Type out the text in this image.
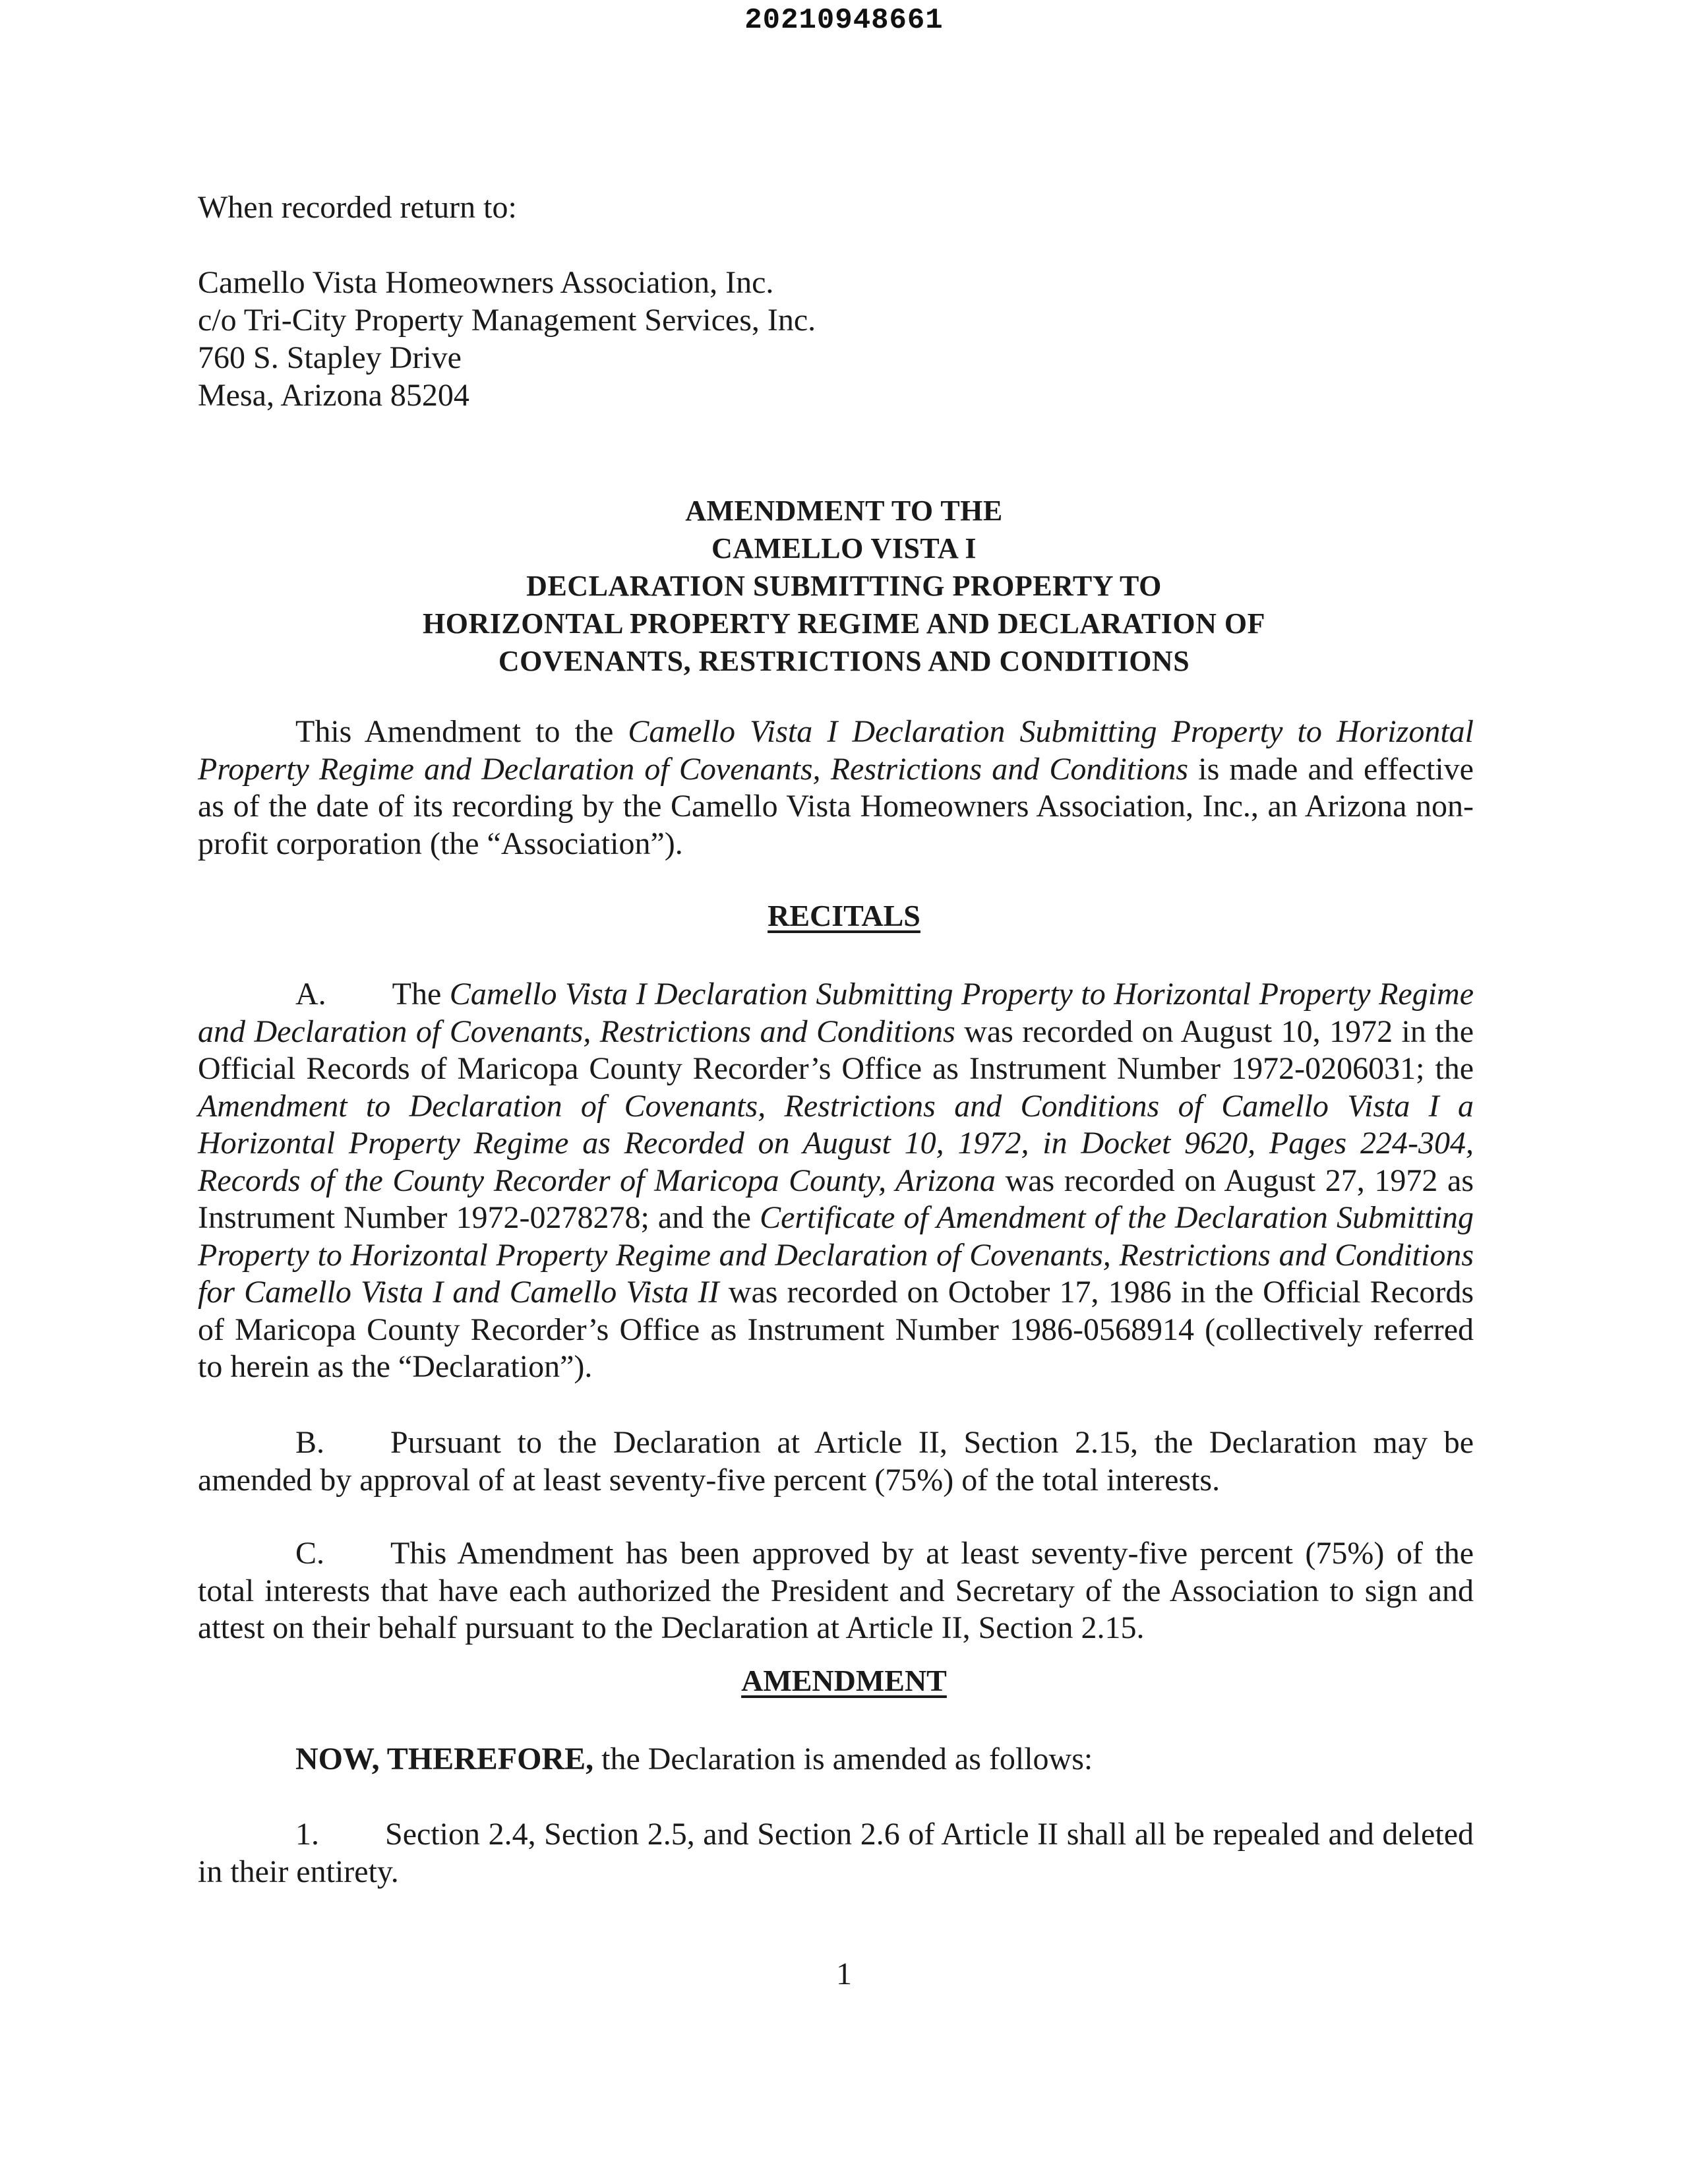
20210948661
When recorded return to:
Camello Vista Homeowners Association, Inc.
c/o Tri-City Property Management Services, Inc.
760 S. Stapley Drive
Mesa, Arizona 85204
AMENDMENT TO THE
CAMELLO VISTA I
DECLARATION SUBMITTING PROPERTY TO
HORIZONTAL PROPERTY REGIME AND DECLARATION OF
COVENANTS, RESTRICTIONS AND CONDITIONS
This Amendment to the Camello Vista I Declaration Submitting Property to Horizontal Property Regime and Declaration of Covenants, Restrictions and Conditions is made and effective as of the date of its recording by the Camello Vista Homeowners Association, Inc., an Arizona non-profit corporation (the “Association”).
RECITALS
A. The Camello Vista I Declaration Submitting Property to Horizontal Property Regime and Declaration of Covenants, Restrictions and Conditions was recorded on August 10, 1972 in the Official Records of Maricopa County Recorder’s Office as Instrument Number 1972-0206031; the Amendment to Declaration of Covenants, Restrictions and Conditions of Camello Vista I a Horizontal Property Regime as Recorded on August 10, 1972, in Docket 9620, Pages 224-304, Records of the County Recorder of Maricopa County, Arizona was recorded on August 27, 1972 as Instrument Number 1972-0278278; and the Certificate of Amendment of the Declaration Submitting Property to Horizontal Property Regime and Declaration of Covenants, Restrictions and Conditions for Camello Vista I and Camello Vista II was recorded on October 17, 1986 in the Official Records of Maricopa County Recorder’s Office as Instrument Number 1986-0568914 (collectively referred to herein as the “Declaration”).
B. Pursuant to the Declaration at Article II, Section 2.15, the Declaration may be amended by approval of at least seventy-five percent (75%) of the total interests.
C. This Amendment has been approved by at least seventy-five percent (75%) of the total interests that have each authorized the President and Secretary of the Association to sign and attest on their behalf pursuant to the Declaration at Article II, Section 2.15.
AMENDMENT
NOW, THEREFORE, the Declaration is amended as follows:
1. Section 2.4, Section 2.5, and Section 2.6 of Article II shall all be repealed and deleted in their entirety.
1
